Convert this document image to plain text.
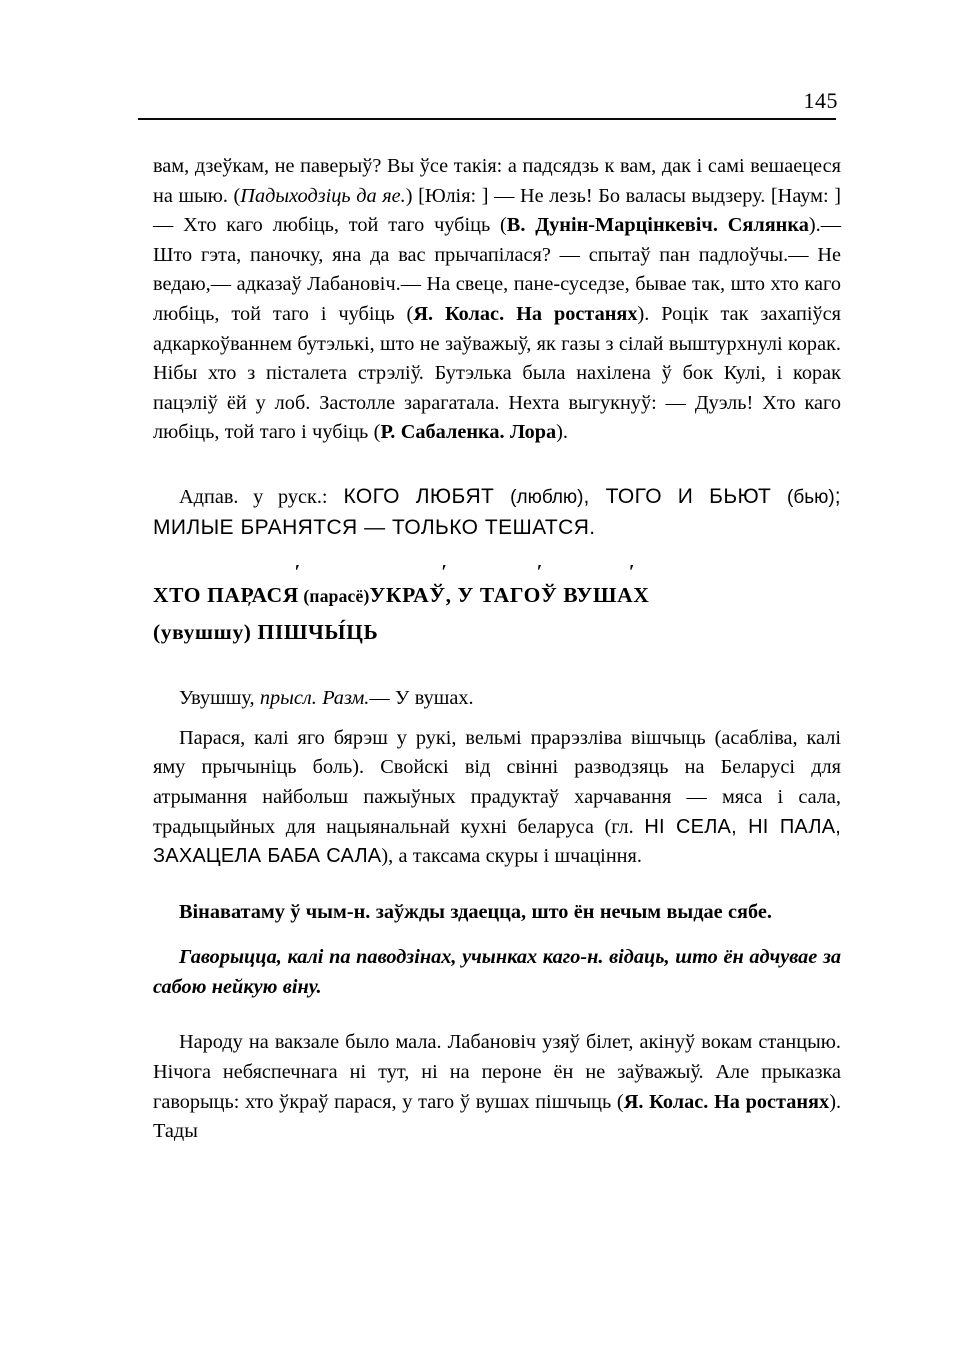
145

вам, дзеўкам, не паверыў? Вы ўсе такія: а падсядзь к вам, дак і самі вешаецеся на шыю. (Падыходзіць да яе.) [Юлія: ] — Не лезь! Бо валасы выдзеру. [Наум: ] — Хто каго любіць, той таго чубіць (В. Дунін-Марцінкевіч. Сялянка).— Што гэта, паночку, яна да вас прычапілася? — спытаў пан падлоўчы.— Не ведаю,— адказаў Лабановіч.— На свеце, пане-суседзе, бывае так, што хто каго любіць, той таго і чубіць (Я. Колас. На ростанях). Роцік так захапіўся адкаркоўваннем бутэлькі, што не заўважыў, як газы з сілай выштурхнулі корак. Нібы хто з пісталета стрэліў. Бутэлька была нахілена ў бок Кулі, і корак пацэліў ёй у лоб. Застолле зарагатала. Нехта выгукнуў: — Дуэль! Хто каго любіць, той таго і чубіць (Р. Сабаленка. Лора).

Адпав. у руск.: КОГО ЛЮБЯТ (люблю), ТОГО И БЬЮТ (бью); МИЛЫЕ БРАНЯТСЯ — ТОЛЬКО ТЕШАТСЯ.

ХТО ПАРАСЯ ′ (парасё)УКРАЎ ′, У ТАГО ′Ў ВУША ′Х
(увушшу) ′ ПІШЧЫ́ЦЬ

Увушшу, прысл. Разм.— У вушах.

Парася, калі яго бярэш у рукі, вельмі прарэзліва вішчыць (асабліва, калі яму прычыніць боль). Свойскі від свінні разводзяць на Беларусі для атрымання найбольш пажыўных прадуктаў харчавання — мяса і сала, традыцыйных для нацыянальнай кухні беларуса (гл. НІ СЕЛА, НІ ПАЛА, ЗАХАЦЕЛА БАБА САЛА), а таксама скуры і шчаціння.

Вінаватаму ў чым-н. заўжды здаецца, што ён нечым выдае сябе.

Гаворыцца, калі па паводзінах, учынках каго-н. відаць, што ён адчувае за сабою нейкую віну.

Народу на вакзале было мала. Лабановіч узяў білет, акінуў вокам станцыю. Нічога небяспечнага ні тут, ні на пероне ён не заўважыў. Але прыказка гаворыць: хто ўкраў парася, у таго ў вушах пішчыць (Я. Колас. На ростанях). Тады
